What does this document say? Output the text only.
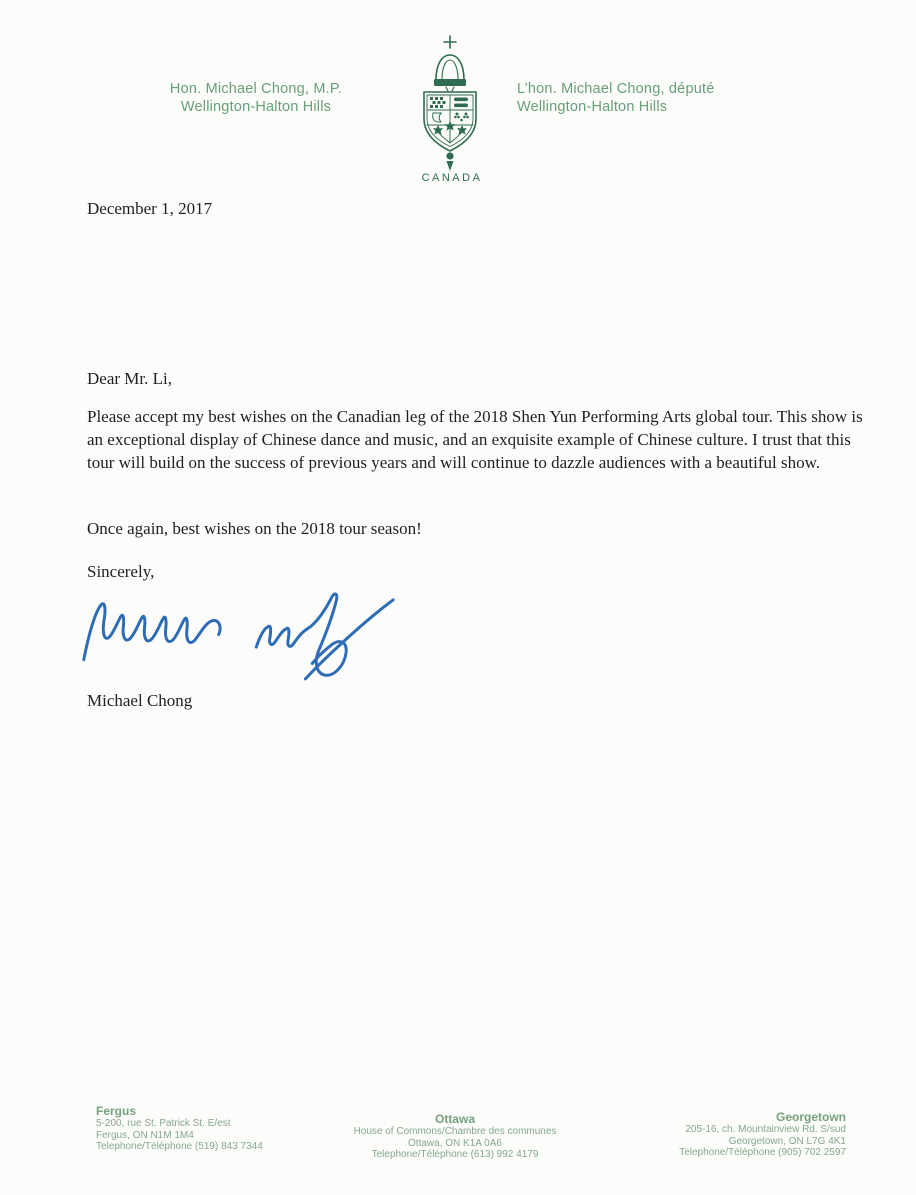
Hon. Michael Chong, M.P.
Wellington-Halton Hills
CANADA
L’hon. Michael Chong, député
Wellington-Halton Hills
December 1, 2017
Dear Mr. Li,
Please accept my best wishes on the Canadian leg of the 2018 Shen Yun Performing Arts global tour. This show is an exceptional display of Chinese dance and music, and an exquisite example of Chinese culture. I trust that this tour will build on the success of previous years and will continue to dazzle audiences with a beautiful show.
Once again, best wishes on the 2018 tour season!
Sincerely,
Michael Chong
Fergus
5-200, rue St. Patrick St. E/est
Fergus, ON N1M 1M4
Telephone/Téléphone (519) 843 7344
Ottawa
House of Commons/Chambre des communes
Ottawa, ON K1A 0A6
Telephone/Téléphone (613) 992 4179
Georgetown
205-16, ch. Mountainview Rd. S/sud
Georgetown, ON L7G 4K1
Telephone/Téléphone (905) 702 2597
